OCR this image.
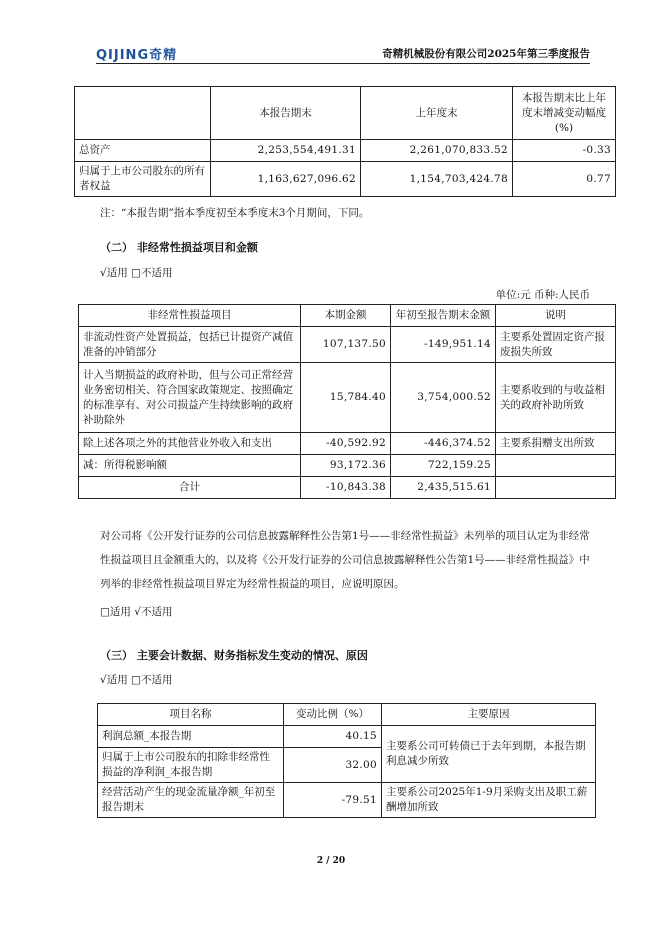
QIJING奇精	奇精机械股份有限公司2025年第三季度报告
	本报告期末	上年度末	本报告期末比上年度末增减变动幅度(%)
总资产	2,253,554,491.31	2,261,070,833.52	-0.33
归属于上市公司股东的所有者权益	1,163,627,096.62	1,154,703,424.78	0.77
注：“本报告期”指本季度初至本季度末3个月期间，下同。
（二） 非经常性损益项目和金额
√适用 □不适用
单位:元 币种:人民币
非经常性损益项目	本期金额	年初至报告期末金额	说明
非流动性资产处置损益，包括已计提资产减值准备的冲销部分	107,137.50	-149,951.14	主要系处置固定资产报废损失所致
计入当期损益的政府补助，但与公司正常经营业务密切相关、符合国家政策规定、按照确定的标准享有、对公司损益产生持续影响的政府补助除外	15,784.40	3,754,000.52	主要系收到的与收益相关的政府补助所致
除上述各项之外的其他营业外收入和支出	-40,592.92	-446,374.52	主要系捐赠支出所致
减：所得税影响额	93,172.36	722,159.25	
合计	-10,843.38	2,435,515.61	
对公司将《公开发行证券的公司信息披露解释性公告第1号——非经常性损益》未列举的项目认定为非经常性损益项目且金额重大的，以及将《公开发行证券的公司信息披露解释性公告第1号——非经常性损益》中列举的非经常性损益项目界定为经常性损益的项目，应说明原因。
□适用 √不适用
（三） 主要会计数据、财务指标发生变动的情况、原因
√适用 □不适用
项目名称	变动比例（%）	主要原因
利润总额_本报告期	40.15	主要系公司可转债已于去年到期，本报告期利息减少所致
归属于上市公司股东的扣除非经常性损益的净利润_本报告期	32.00	
经营活动产生的现金流量净额_年初至报告期末	-79.51	主要系公司2025年1-9月采购支出及职工薪酬增加所致
2 / 20
